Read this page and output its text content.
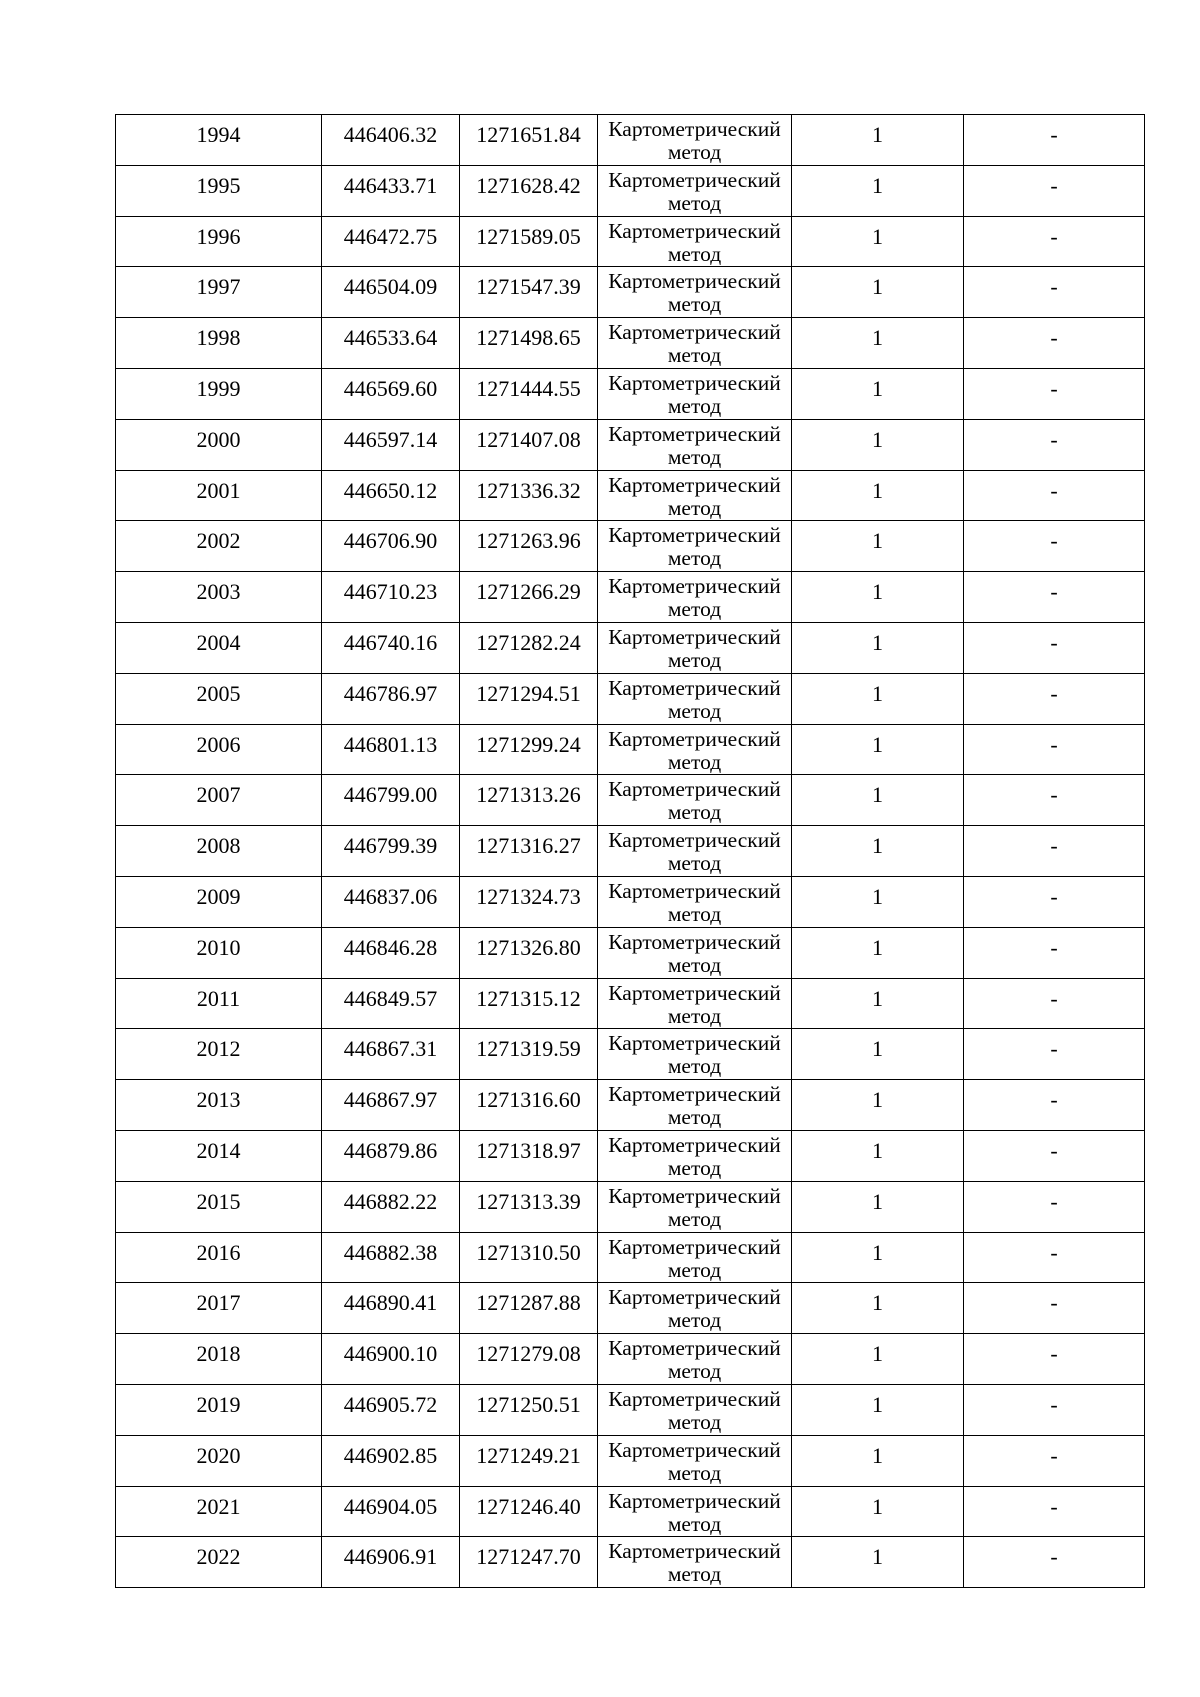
1994	446406.32	1271651.84	Картометрический метод	1	-

1995	446433.71	1271628.42	Картометрический метод	1	-

1996	446472.75	1271589.05	Картометрический метод	1	-

1997	446504.09	1271547.39	Картометрический метод	1	-

1998	446533.64	1271498.65	Картометрический метод	1	-

1999	446569.60	1271444.55	Картометрический метод	1	-

2000	446597.14	1271407.08	Картометрический метод	1	-

2001	446650.12	1271336.32	Картометрический метод	1	-

2002	446706.90	1271263.96	Картометрический метод	1	-

2003	446710.23	1271266.29	Картометрический метод	1	-

2004	446740.16	1271282.24	Картометрический метод	1	-

2005	446786.97	1271294.51	Картометрический метод	1	-

2006	446801.13	1271299.24	Картометрический метод	1	-

2007	446799.00	1271313.26	Картометрический метод	1	-

2008	446799.39	1271316.27	Картометрический метод	1	-

2009	446837.06	1271324.73	Картометрический метод	1	-

2010	446846.28	1271326.80	Картометрический метод	1	-

2011	446849.57	1271315.12	Картометрический метод	1	-

2012	446867.31	1271319.59	Картометрический метод	1	-

2013	446867.97	1271316.60	Картометрический метод	1	-

2014	446879.86	1271318.97	Картометрический метод	1	-

2015	446882.22	1271313.39	Картометрический метод	1	-

2016	446882.38	1271310.50	Картометрический метод	1	-

2017	446890.41	1271287.88	Картометрический метод	1	-

2018	446900.10	1271279.08	Картометрический метод	1	-

2019	446905.72	1271250.51	Картометрический метод	1	-

2020	446902.85	1271249.21	Картометрический метод	1	-

2021	446904.05	1271246.40	Картометрический метод	1	-

2022	446906.91	1271247.70	Картометрический метод	1	-
